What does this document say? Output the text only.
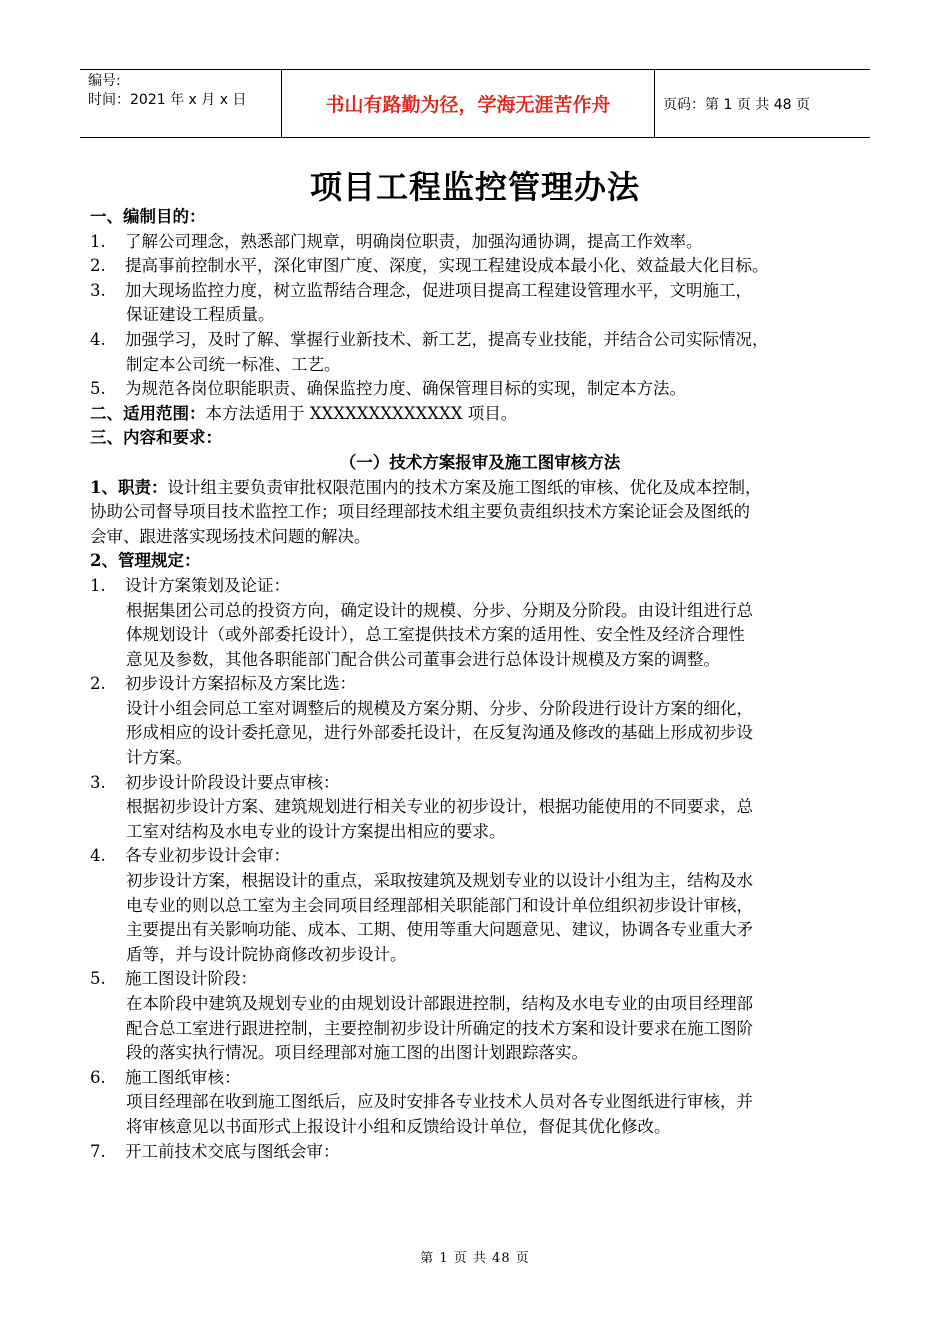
编号:
时间：2021 年 x 月 x 日	书山有路勤为径，学海无涯苦作舟	页码：第 1 页 共 48 页
项目工程监控管理办法
一、编制目的：
1. 了解公司理念，熟悉部门规章，明确岗位职责，加强沟通协调，提高工作效率。
2. 提高事前控制水平，深化审图广度、深度，实现工程建设成本最小化、效益最大化目标。
3. 加大现场监控力度，树立监帮结合理念，促进项目提高工程建设管理水平，文明施工，
保证建设工程质量。
4. 加强学习，及时了解、掌握行业新技术、新工艺，提高专业技能，并结合公司实际情况，
制定本公司统一标准、工艺。
5. 为规范各岗位职能职责、确保监控力度、确保管理目标的实现，制定本方法。
二、适用范围：本方法适用于 XXXXXXXXXXXXX 项目。
三、内容和要求：
（一）技术方案报审及施工图审核方法
1、职责：设计组主要负责审批权限范围内的技术方案及施工图纸的审核、优化及成本控制，
协助公司督导项目技术监控工作；项目经理部技术组主要负责组织技术方案论证会及图纸的
会审、跟进落实现场技术问题的解决。
2、管理规定：
1. 设计方案策划及论证：
根据集团公司总的投资方向，确定设计的规模、分步、分期及分阶段。由设计组进行总
体规划设计（或外部委托设计），总工室提供技术方案的适用性、安全性及经济合理性
意见及参数，其他各职能部门配合供公司董事会进行总体设计规模及方案的调整。
2. 初步设计方案招标及方案比选：
设计小组会同总工室对调整后的规模及方案分期、分步、分阶段进行设计方案的细化，
形成相应的设计委托意见，进行外部委托设计，在反复沟通及修改的基础上形成初步设
计方案。
3. 初步设计阶段设计要点审核：
根据初步设计方案、建筑规划进行相关专业的初步设计，根据功能使用的不同要求，总
工室对结构及水电专业的设计方案提出相应的要求。
4. 各专业初步设计会审：
初步设计方案，根据设计的重点，采取按建筑及规划专业的以设计小组为主，结构及水
电专业的则以总工室为主会同项目经理部相关职能部门和设计单位组织初步设计审核，
主要提出有关影响功能、成本、工期、使用等重大问题意见、建议，协调各专业重大矛
盾等，并与设计院协商修改初步设计。
5. 施工图设计阶段：
在本阶段中建筑及规划专业的由规划设计部跟进控制，结构及水电专业的由项目经理部
配合总工室进行跟进控制，主要控制初步设计所确定的技术方案和设计要求在施工图阶
段的落实执行情况。项目经理部对施工图的出图计划跟踪落实。
6. 施工图纸审核：
项目经理部在收到施工图纸后，应及时安排各专业技术人员对各专业图纸进行审核，并
将审核意见以书面形式上报设计小组和反馈给设计单位，督促其优化修改。
7. 开工前技术交底与图纸会审：
第 1 页 共 48 页
